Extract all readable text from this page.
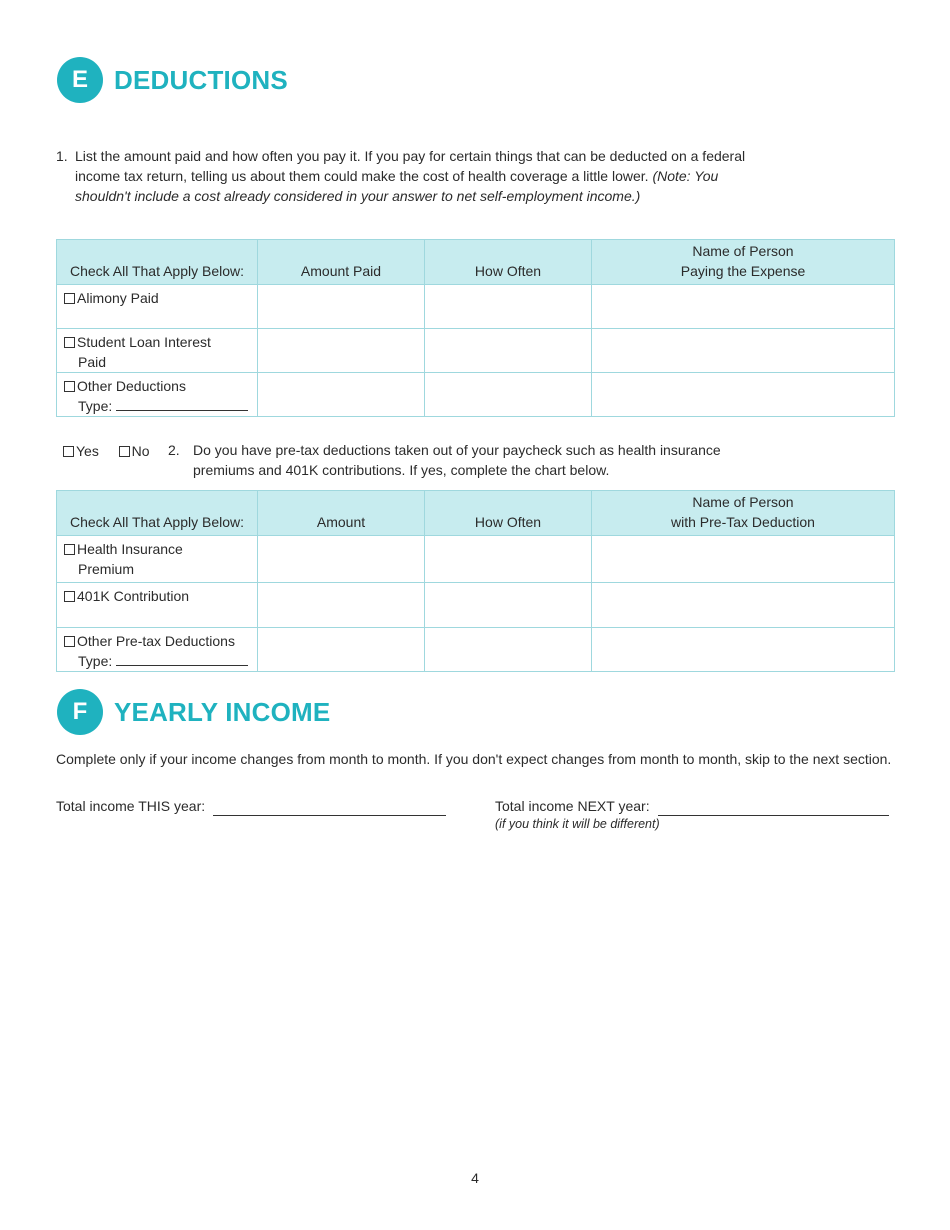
E	DEDUCTIONS
1. List the amount paid and how often you pay it. If you pay for certain things that can be deducted on a federal income tax return, telling us about them could make the cost of health coverage a little lower. (Note: You shouldn't include a cost already considered in your answer to net self-employment income.)
Check All That Apply Below:	Amount Paid	How Often	Name of Person
Paying the Expense

Alimony Paid			
Student Loan Interest
Paid			

Other Deductions
Type:			

Yes No 2. Do you have pre-tax deductions taken out of your paycheck such as health insurance premiums and 401K contributions. If yes, complete the chart below.
Check All That Apply Below:	Amount	How Often	Name of Person
with Pre-Tax Deduction

Health Insurance
Premium			

401K Contribution			
Other Pre-tax Deductions
Type:			

F	YEARLY INCOME
Complete only if your income changes from month to month. If you don't expect changes from month to month, skip to the next section.
Total income THIS year:	Total income NEXT year:
(if you think it will be different)
4
